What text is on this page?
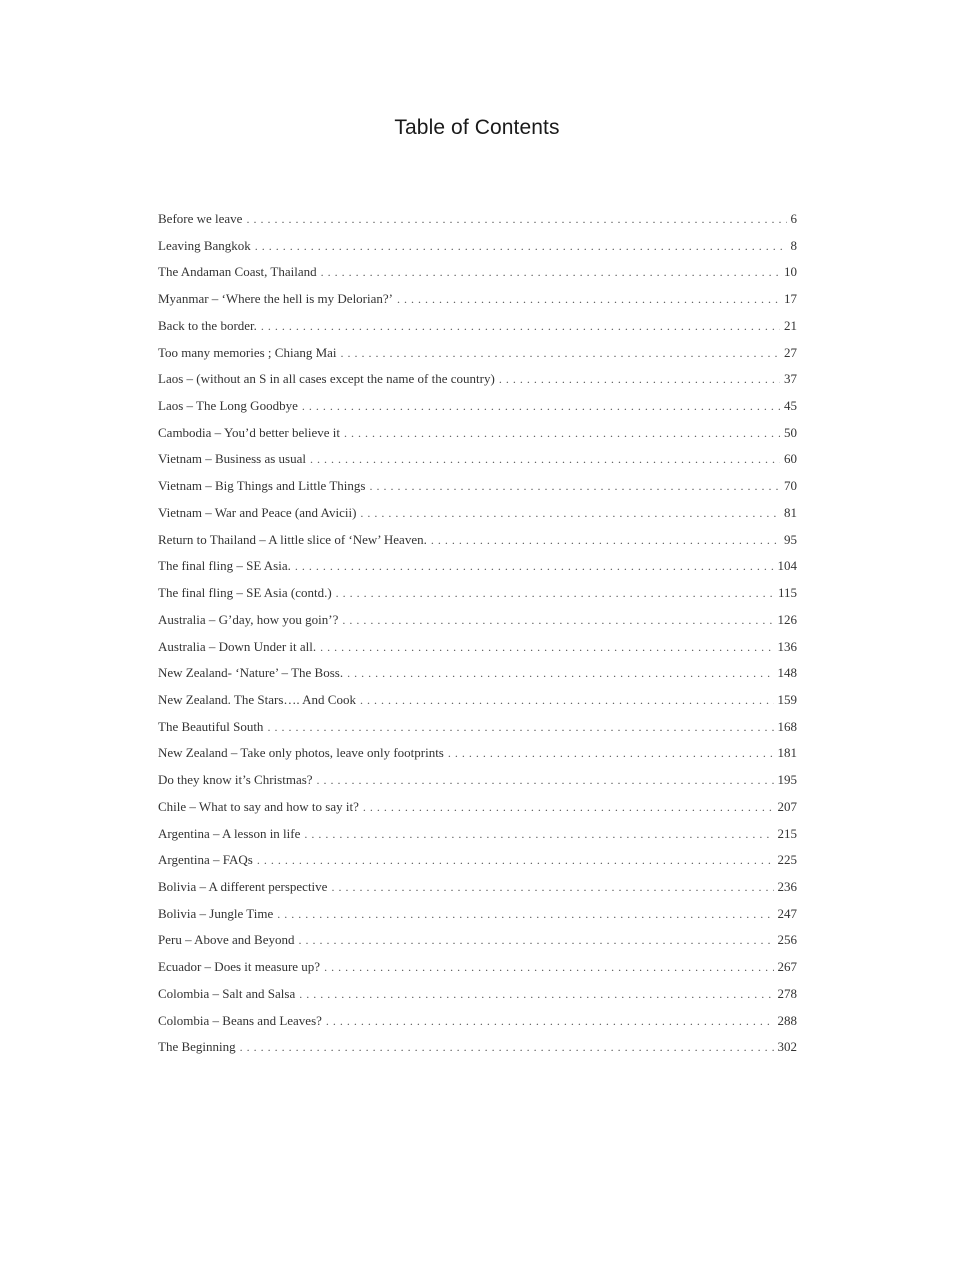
Table of Contents
Before we leave . . .	6
Leaving Bangkok . . .	8
The Andaman Coast, Thailand . . .	10
Myanmar – ‘Where the hell is my Delorian?’ . . .	17
Back to the border. . . .	21
Too many memories ; Chiang Mai . . .	27
Laos – (without an S in all cases except the name of the country) . . .	37
Laos – The Long Goodbye . . .	45
Cambodia – You’d better believe it . . .	50
Vietnam – Business as usual . . .	60
Vietnam – Big Things and Little Things . . .	70
Vietnam – War and Peace (and Avicii) . . .	81
Return to Thailand – A little slice of ‘New’ Heaven. . . .	95
The final fling – SE Asia. . . .	104
The final fling – SE Asia (contd.) . . .	115
Australia – G’day, how you goin’? . . .	126
Australia – Down Under it all. . . .	136
New Zealand- ‘Nature’ – The Boss. . . .	148
New Zealand. The Stars…. And Cook . . .	159
The Beautiful South . . .	168
New Zealand – Take only photos, leave only footprints . . .	181
Do they know it’s Christmas? . . .	195
Chile – What to say and how to say it? . . .	207
Argentina – A lesson in life . . .	215
Argentina – FAQs . . .	225
Bolivia – A different perspective . . .	236
Bolivia – Jungle Time . . .	247
Peru – Above and Beyond . . .	256
Ecuador – Does it measure up? . . .	267
Colombia – Salt and Salsa . . .	278
Colombia – Beans and Leaves? . . .	288
The Beginning . . .	302
